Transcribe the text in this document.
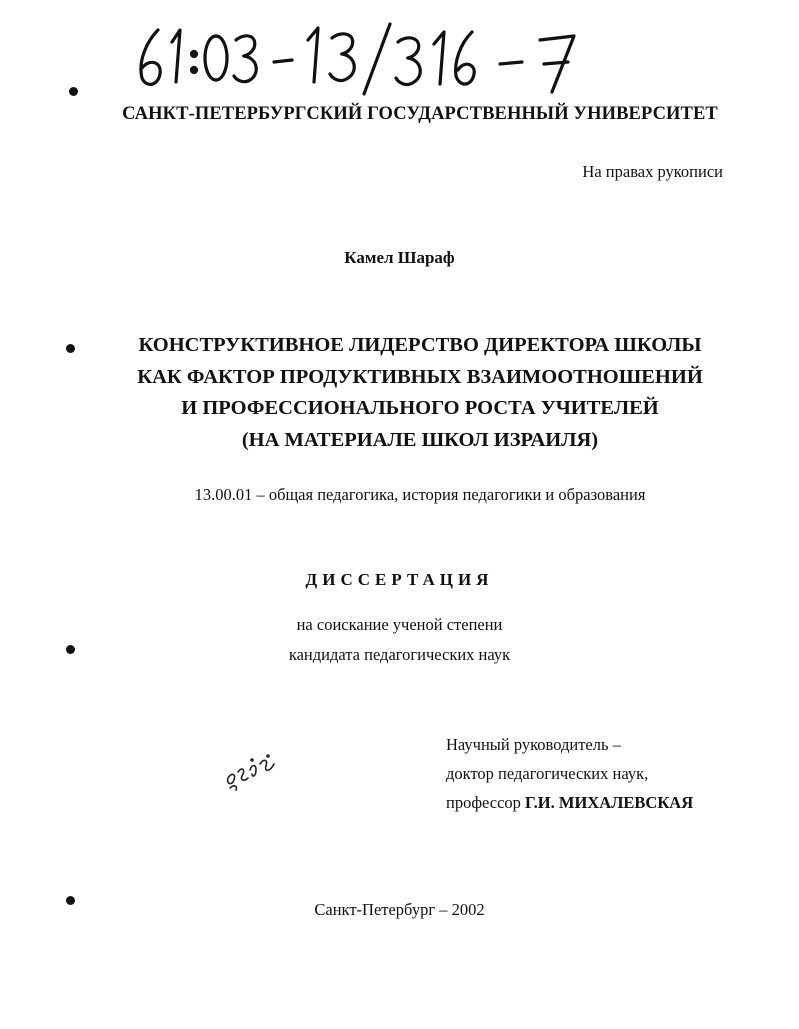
САНКТ-ПЕТЕРБУРГСКИЙ ГОСУДАРСТВЕННЫЙ УНИВЕРСИТЕТ
На правах рукописи
Камел Шараф
КОНСТРУКТИВНОЕ ЛИДЕРСТВО ДИРЕКТОРА ШКОЛЫ
КАК ФАКТОР ПРОДУКТИВНЫХ ВЗАИМООТНОШЕНИЙ
И ПРОФЕССИОНАЛЬНОГО РОСТА УЧИТЕЛЕЙ
(НА МАТЕРИАЛЕ ШКОЛ ИЗРАИЛЯ)
13.00.01 – общая педагогика, история педагогики и образования
ДИССЕРТАЦИЯ
на соискание ученой степени
кандидата педагогических наук
Научный руководитель –
доктор педагогических наук,
профессор Г.И. МИХАЛЕВСКАЯ
Санкт-Петербург – 2002
